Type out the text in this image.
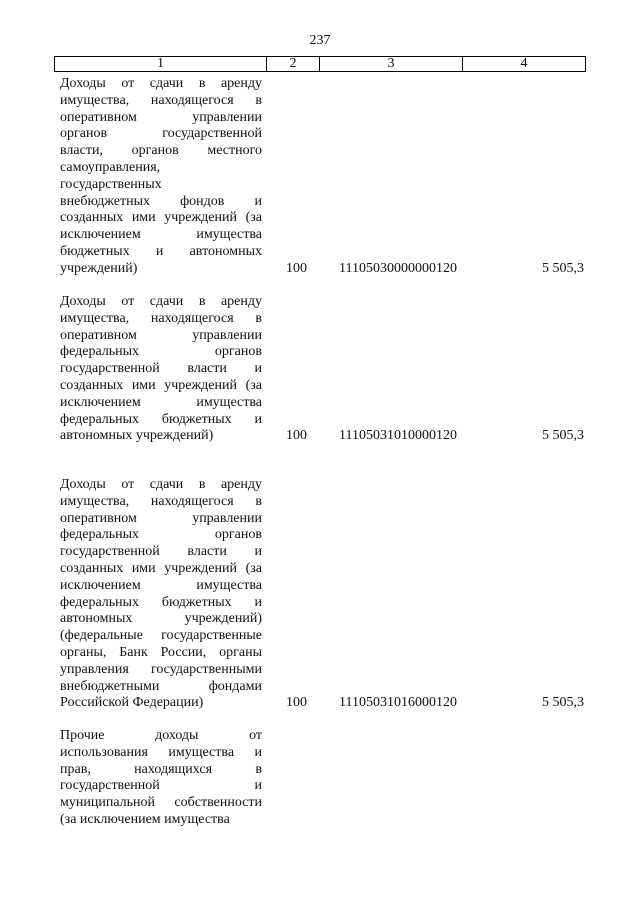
237
1	2	3	4
Доходы от сдачи в аренду
имущества, находящегося в
оперативном управлении
органов государственной
власти, органов местного
самоуправления,
государственных
внебюджетных фондов и
созданных ими учреждений (за
исключением имущества
бюджетных и автономных
учреждений)	100 11105030000000120	5 505,3
Доходы от сдачи в аренду
имущества, находящегося в
оперативном управлении
федеральных органов
государственной власти и
созданных ими учреждений (за
исключением имущества
федеральных бюджетных и
автономных учреждений)	100 11105031010000120	5 505,3
Доходы от сдачи в аренду
имущества, находящегося в
оперативном управлении
федеральных органов
государственной власти и
созданных ими учреждений (за
исключением имущества
федеральных бюджетных и
автономных учреждений)
(федеральные государственные
органы, Банк России, органы
управления государственными
внебюджетными фондами
Российской Федерации)	100 11105031016000120	5 505,3
Прочие доходы от
использования имущества и
прав, находящихся в
государственной и
муниципальной собственности
(за исключением имущества
